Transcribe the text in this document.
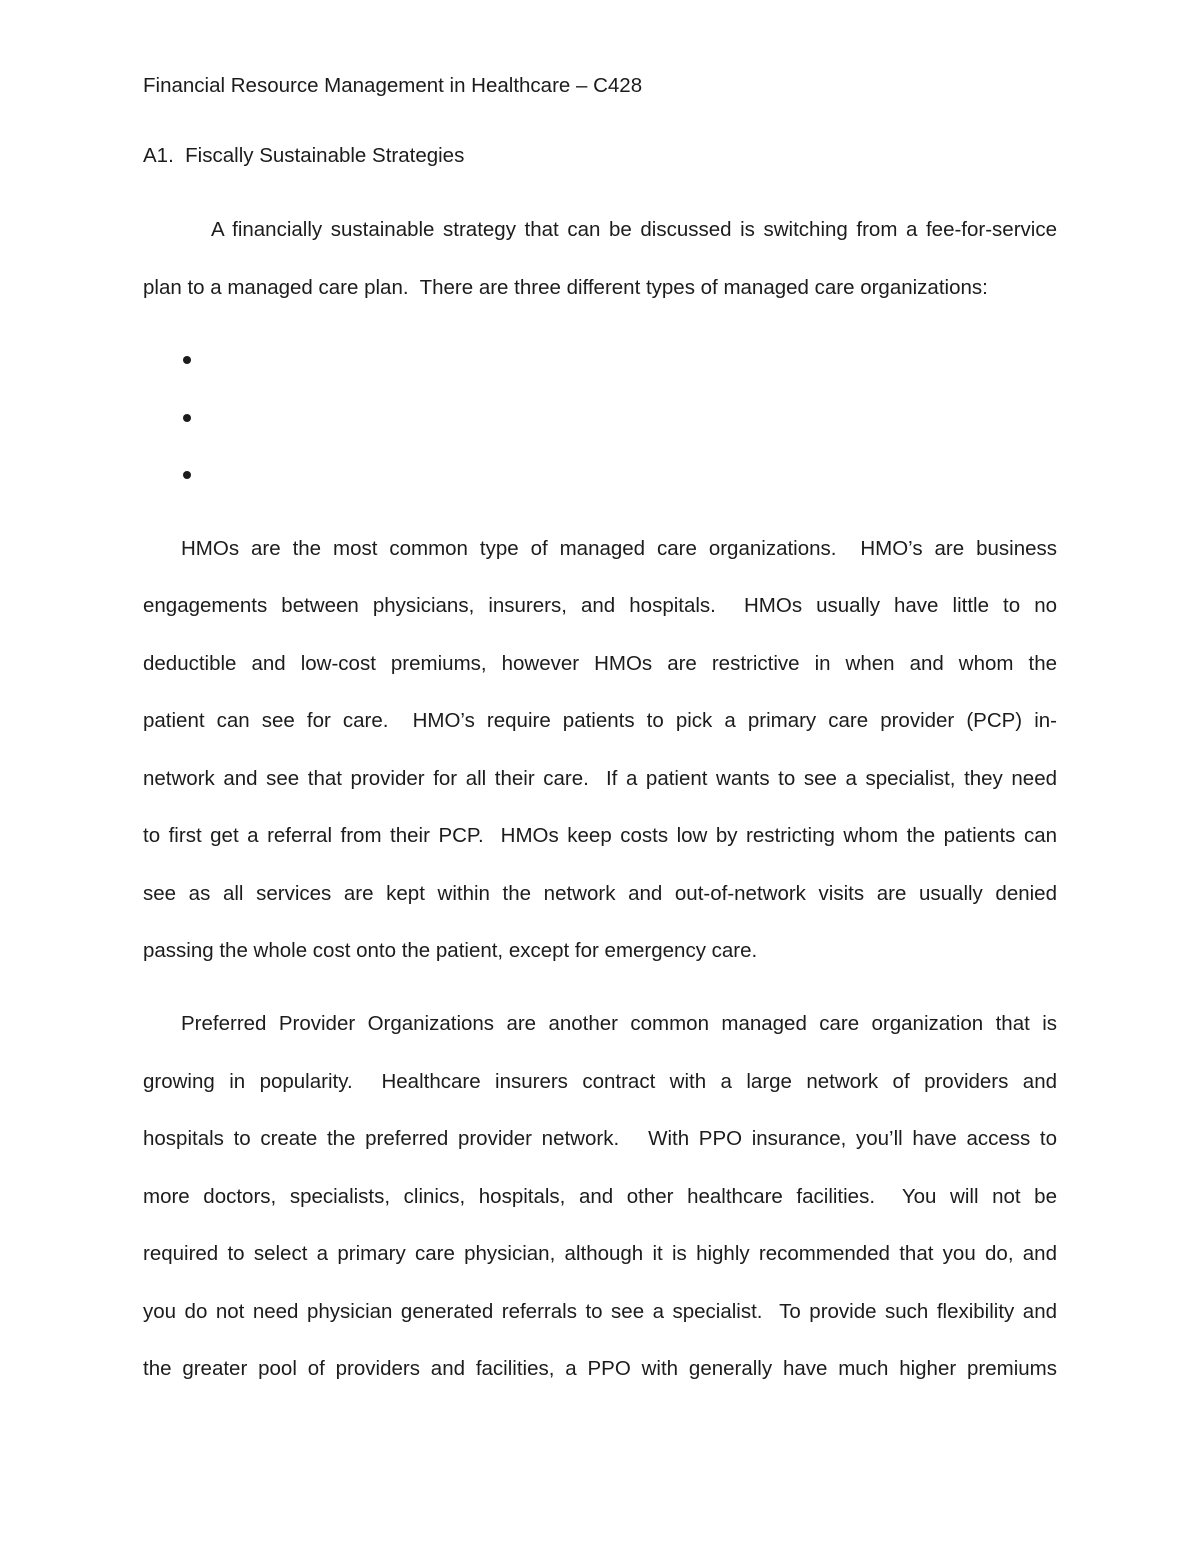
Financial Resource Management in Healthcare – C428
A1.  Fiscally Sustainable Strategies
A financially sustainable strategy that can be discussed is switching from a fee-for-service
plan to a managed care plan.  There are three different types of managed care organizations:

HMOs are the most common type of managed care organizations.  HMO’s are business
engagements between physicians, insurers, and hospitals.  HMOs usually have little to no
deductible and low-cost premiums, however HMOs are restrictive in when and whom the
patient can see for care.  HMO’s require patients to pick a primary care provider (PCP) in-
network and see that provider for all their care.  If a patient wants to see a specialist, they need
to first get a referral from their PCP.  HMOs keep costs low by restricting whom the patients can
see as all services are kept within the network and out-of-network visits are usually denied
passing the whole cost onto the patient, except for emergency care.
Preferred Provider Organizations are another common managed care organization that is
growing in popularity.  Healthcare insurers contract with a large network of providers and
hospitals to create the preferred provider network.   With PPO insurance, you’ll have access to
more doctors, specialists, clinics, hospitals, and other healthcare facilities.  You will not be
required to select a primary care physician, although it is highly recommended that you do, and
you do not need physician generated referrals to see a specialist.  To provide such flexibility and
the greater pool of providers and facilities, a PPO with generally have much higher premiums
